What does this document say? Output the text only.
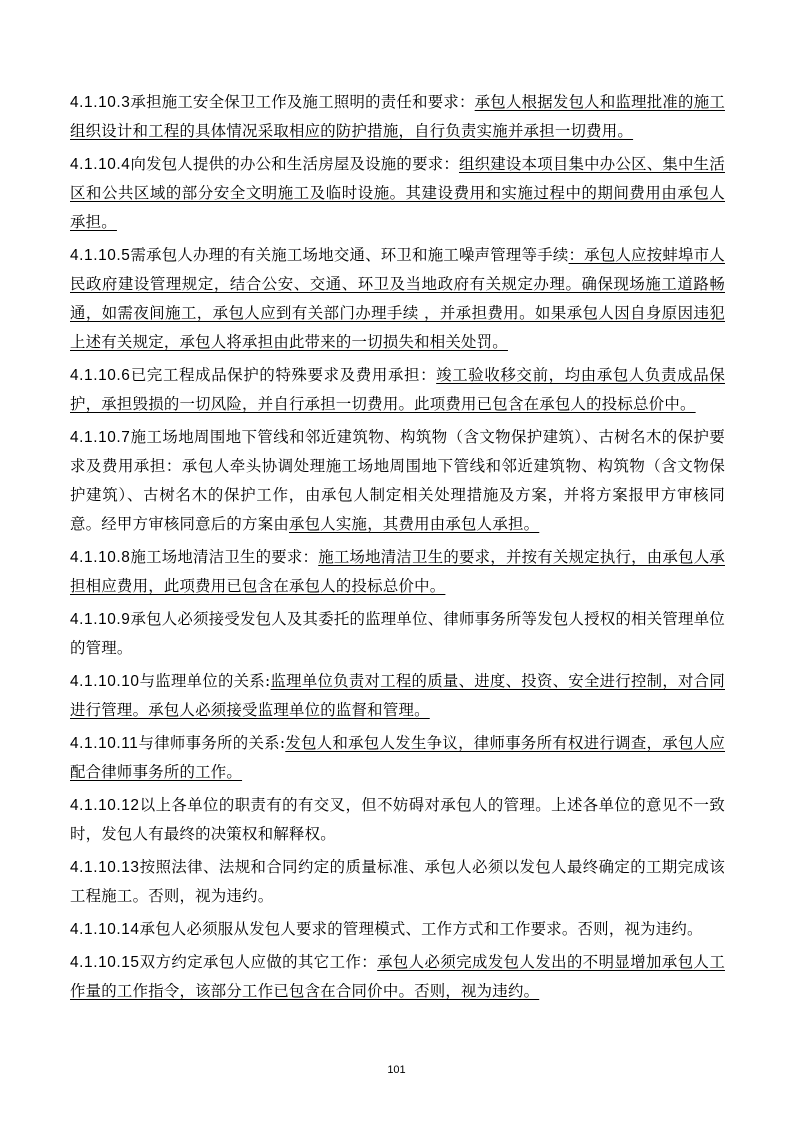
4.1.10.3承担施工安全保卫工作及施工照明的责任和要求：承包人根据发包人和监理批准的施工组织设计和工程的具体情况采取相应的防护措施，自行负责实施并承担一切费用。

4.1.10.4向发包人提供的办公和生活房屋及设施的要求：组织建设本项目集中办公区、集中生活区和公共区域的部分安全文明施工及临时设施。其建设费用和实施过程中的期间费用由承包人承担。

4.1.10.5需承包人办理的有关施工场地交通、环卫和施工噪声管理等手续：承包人应按蚌埠市人民政府建设管理规定，结合公安、交通、环卫及当地政府有关规定办理。确保现场施工道路畅通，如需夜间施工，承包人应到有关部门办理手续 ，并承担费用。如果承包人因自身原因违犯上述有关规定，承包人将承担由此带来的一切损失和相关处罚。

4.1.10.6已完工程成品保护的特殊要求及费用承担：竣工验收移交前，均由承包人负责成品保护，承担毁损的一切风险，并自行承担一切费用。此项费用已包含在承包人的投标总价中。

4.1.10.7施工场地周围地下管线和邻近建筑物、构筑物（含文物保护建筑）、古树名木的保护要求及费用承担：承包人牵头协调处理施工场地周围地下管线和邻近建筑物、构筑物（含文物保护建筑）、古树名木的保护工作，由承包人制定相关处理措施及方案，并将方案报甲方审核同意。经甲方审核同意后的方案由承包人实施，其费用由承包人承担。

4.1.10.8施工场地清洁卫生的要求：施工场地清洁卫生的要求，并按有关规定执行，由承包人承担相应费用，此项费用已包含在承包人的投标总价中。

4.1.10.9承包人必须接受发包人及其委托的监理单位、律师事务所等发包人授权的相关管理单位的管理。

4.1.10.10与监理单位的关系:监理单位负责对工程的质量、进度、投资、安全进行控制，对合同进行管理。承包人必须接受监理单位的监督和管理。

4.1.10.11与律师事务所的关系:发包人和承包人发生争议，律师事务所有权进行调查，承包人应配合律师事务所的工作。

4.1.10.12以上各单位的职责有的有交叉，但不妨碍对承包人的管理。上述各单位的意见不一致时，发包人有最终的决策权和解释权。

4.1.10.13按照法律、法规和合同约定的质量标准、承包人必须以发包人最终确定的工期完成该工程施工。否则，视为违约。

4.1.10.14承包人必须服从发包人要求的管理模式、工作方式和工作要求。否则，视为违约。

4.1.10.15双方约定承包人应做的其它工作：承包人必须完成发包人发出的不明显增加承包人工作量的工作指令，该部分工作已包含在合同价中。否则，视为违约。

101
